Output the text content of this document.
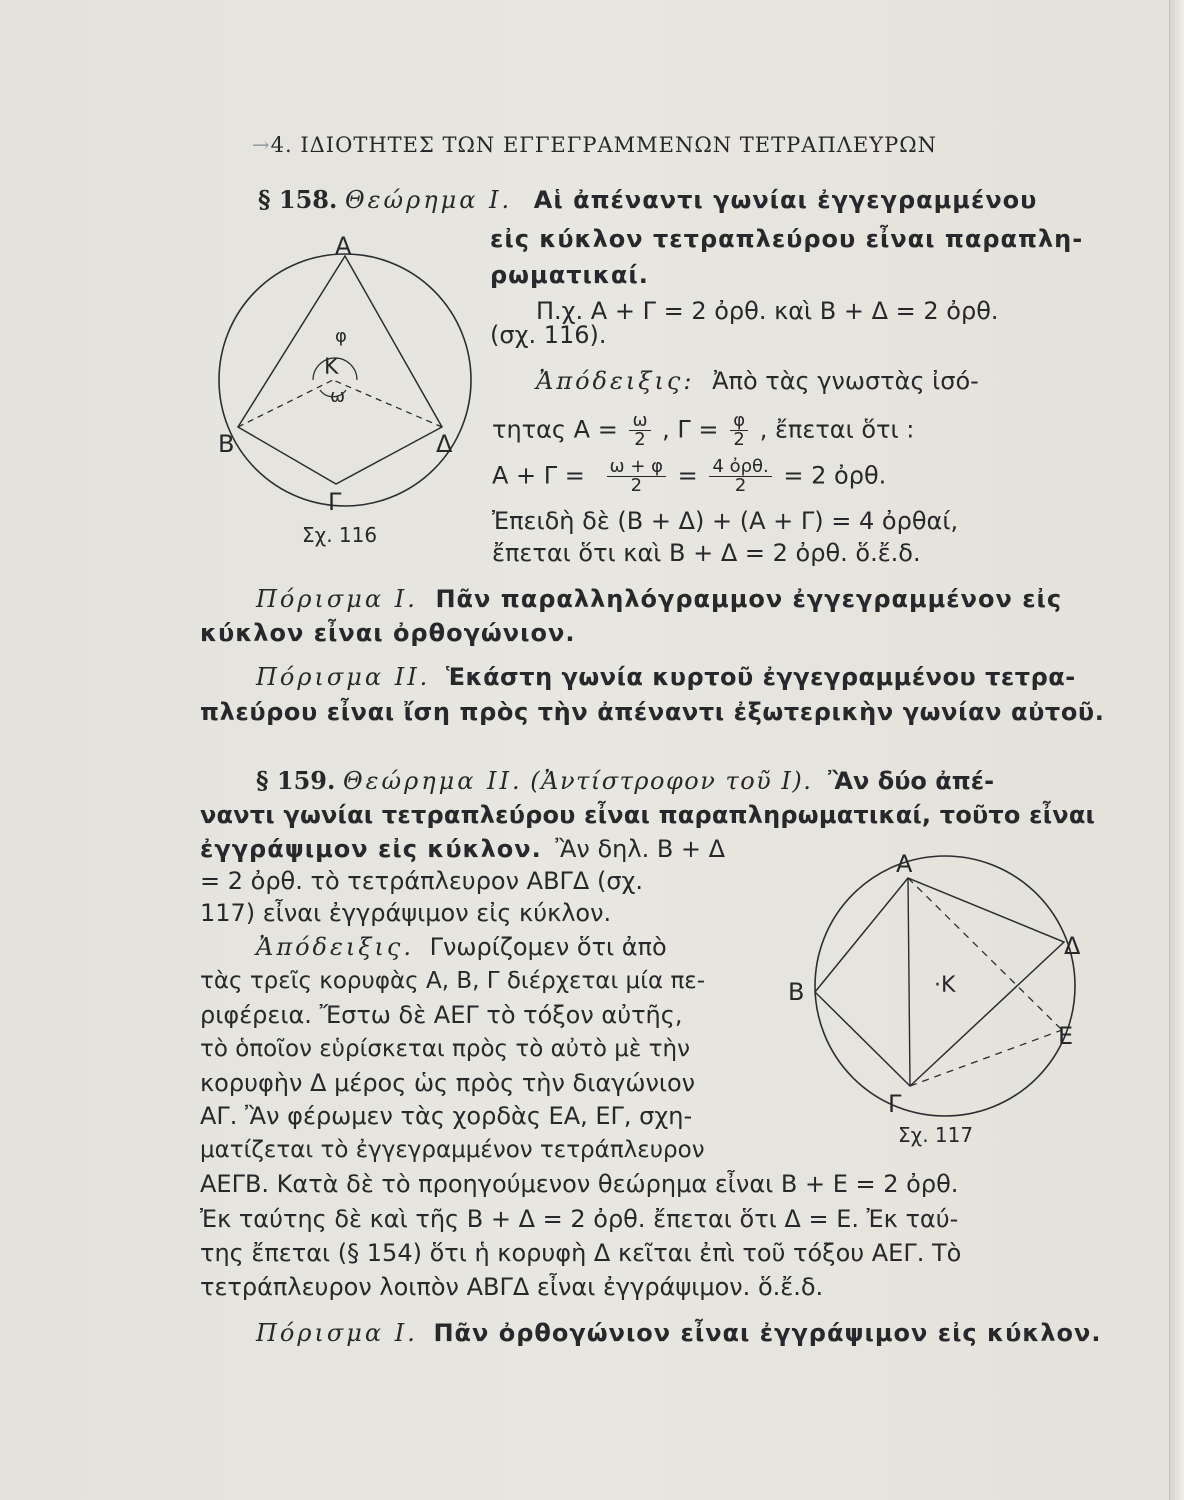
→4. ΙΔΙΟΤΗΤΕΣ ΤΩΝ ΕΓΓΕΓΡΑΜΜΕΝΩΝ ΤΕΤΡΑΠΛΕΥΡΩΝ
§ 158. Θεώρημα Ι. Αἱ ἀπέναντι γωνίαι ἐγγεγραμμένου
εἰς κύκλον τετραπλεύρου εἶναι παραπλη-
ρωματικαί.
Π.χ. Α + Γ = 2 ὀρθ. καὶ Β + Δ = 2 ὀρθ.
(σχ. 116).
Ἀπόδειξις: Ἀπὸ τὰς γνωστὰς ἰσό-
τητας $A = \frac{\omega}{2}$ , $\Gamma = \frac{\varphi}{2}$ , ἔπεται ὅτι :
$A + \Gamma = \frac{\omega + \varphi}{2} = \frac{\text{4 ὀρθ.}}{2} = 2$ ὀρθ.
Ἐπειδὴ δὲ (Β + Δ) + (Α + Γ) = 4 ὀρθαί,
ἔπεται ὅτι καὶ Β + Δ = 2 ὀρθ. ὅ.ἔ.δ.
Α
Β
Γ
Δ
Κ
φ
ω
Σχ. 116
Πόρισμα Ι. Πᾶν παραλληλόγραμμον ἐγγεγραμμένον εἰς
κύκλον εἶναι ὀρθογώνιον.
Πόρισμα ΙΙ. Ἑκάστη γωνία κυρτοῦ ἐγγεγραμμένου τετρα-
πλεύρου εἶναι ἴση πρὸς τὴν ἀπέναντι ἐξωτερικὴν γωνίαν αὐτοῦ.
§ 159. Θεώρημα ΙΙ. (Ἀντίστροφον τοῦ Ι). Ἂν δύο ἀπέ-
ναντι γωνίαι τετραπλεύρου εἶναι παραπληρωματικαί, τοῦτο εἶναι
ἐγγράψιμον εἰς κύκλον. Ἂν δηλ. Β + Δ
= 2 ὀρθ. τὸ τετράπλευρον ΑΒΓΔ (σχ.
117) εἶναι ἐγγράψιμον εἰς κύκλον.
Ἀπόδειξις. Γνωρίζομεν ὅτι ἀπὸ
τὰς τρεῖς κορυφὰς Α, Β, Γ διέρχεται μία πε-
ριφέρεια. Ἔστω δὲ ΑΕΓ τὸ τόξον αὐτῆς,
τὸ ὁποῖον εὑρίσκεται πρὸς τὸ αὐτὸ μὲ τὴν
κορυφὴν Δ μέρος ὡς πρὸς τὴν διαγώνιον
ΑΓ. Ἂν φέρωμεν τὰς χορδὰς ΕΑ, ΕΓ, σχη-
ματίζεται τὸ ἐγγεγραμμένον τετράπλευρον
ΑΕΓΒ. Κατὰ δὲ τὸ προηγούμενον θεώρημα εἶναι Β + Ε = 2 ὀρθ.
Ἐκ ταύτης δὲ καὶ τῆς Β + Δ = 2 ὀρθ. ἔπεται ὅτι Δ = Ε. Ἐκ ταύ-
της ἔπεται (§ 154) ὅτι ἡ κορυφὴ Δ κεῖται ἐπὶ τοῦ τόξου ΑΕΓ. Τὸ
τετράπλευρον λοιπὸν ΑΒΓΔ εἶναι ἐγγράψιμον. ὅ.ἔ.δ.
Α
Β
Γ
Δ
Ε
·Κ
Σχ. 117
Πόρισμα Ι. Πᾶν ὀρθογώνιον εἶναι ἐγγράψιμον εἰς κύκλον.
